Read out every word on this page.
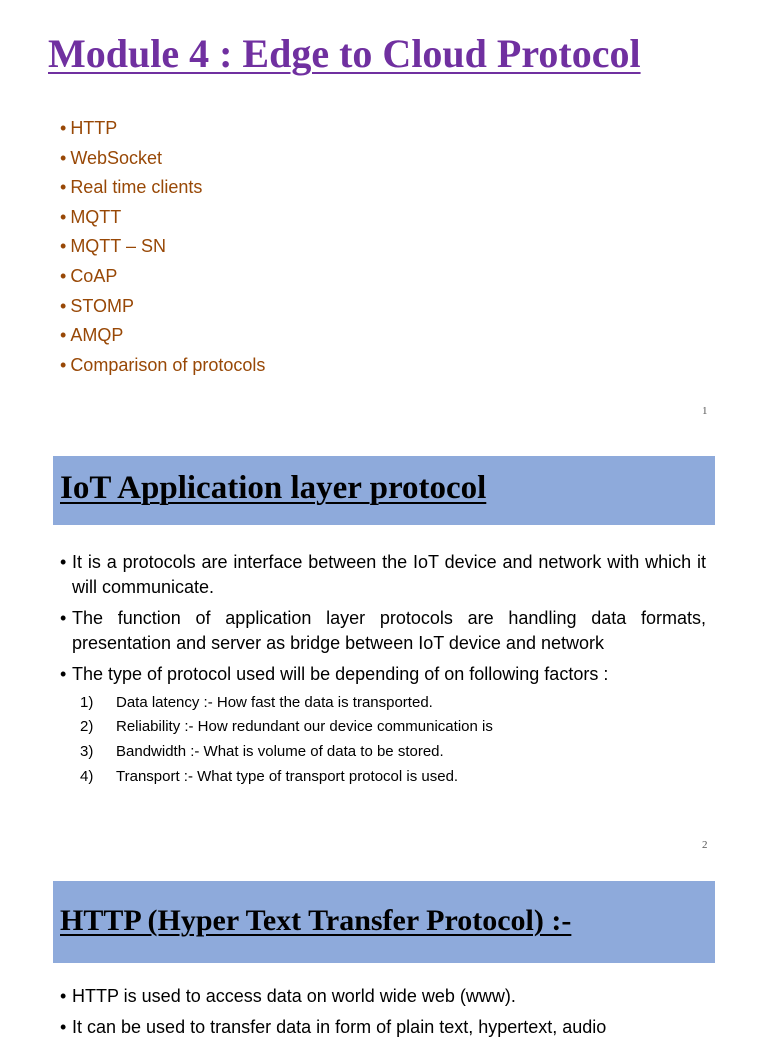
Module 4 : Edge to Cloud Protocol
• HTTP
• WebSocket
• Real time clients
• MQTT
• MQTT – SN
• CoAP
• STOMP
• AMQP
• Comparison of protocols
1
IoT Application layer protocol
• It is a protocols are interface between the IoT device and network with which it will communicate.
• The function of application layer protocols are handling data formats, presentation and server as bridge between IoT device and network
• The type of protocol used will be depending of on following factors :
1) Data latency :- How fast the data is transported.
2) Reliability :- How redundant our device communication is
3) Bandwidth :- What is volume of data to be stored.
4) Transport :- What type of transport protocol is used.
2
HTTP (Hyper Text Transfer Protocol) :-
• HTTP is used to access data on world wide web (www).
• It can be used to transfer data in form of plain text, hypertext, audio
